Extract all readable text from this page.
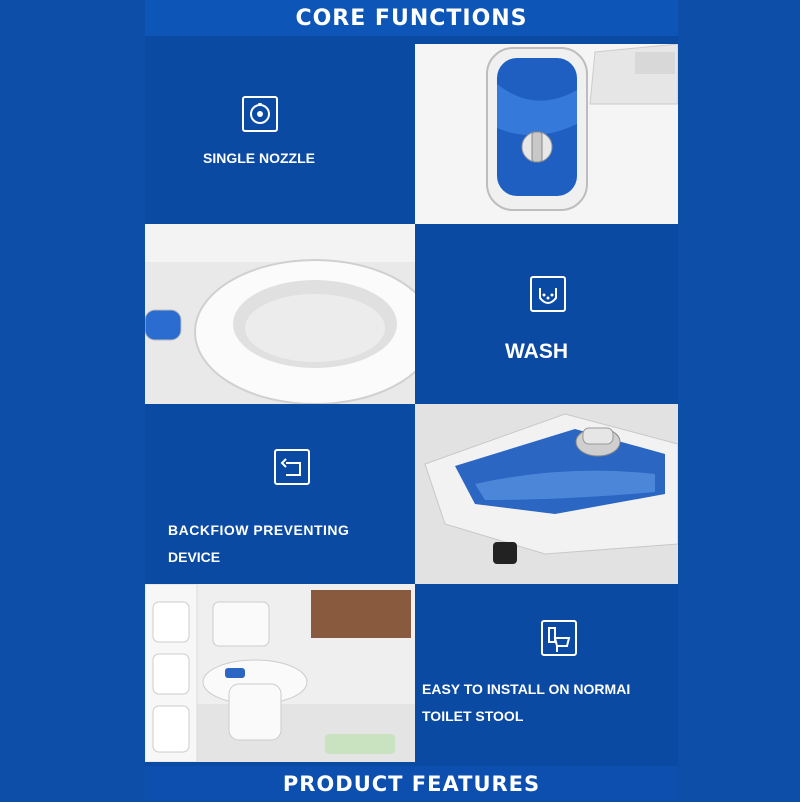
CORE FUNCTIONS
SINGLE NOZZLE
WASH
BACKFIOW PREVENTING
DEVICE
EASY TO INSTALL ON NORMAI
TOILET STOOL
PRODUCT FEATURES
